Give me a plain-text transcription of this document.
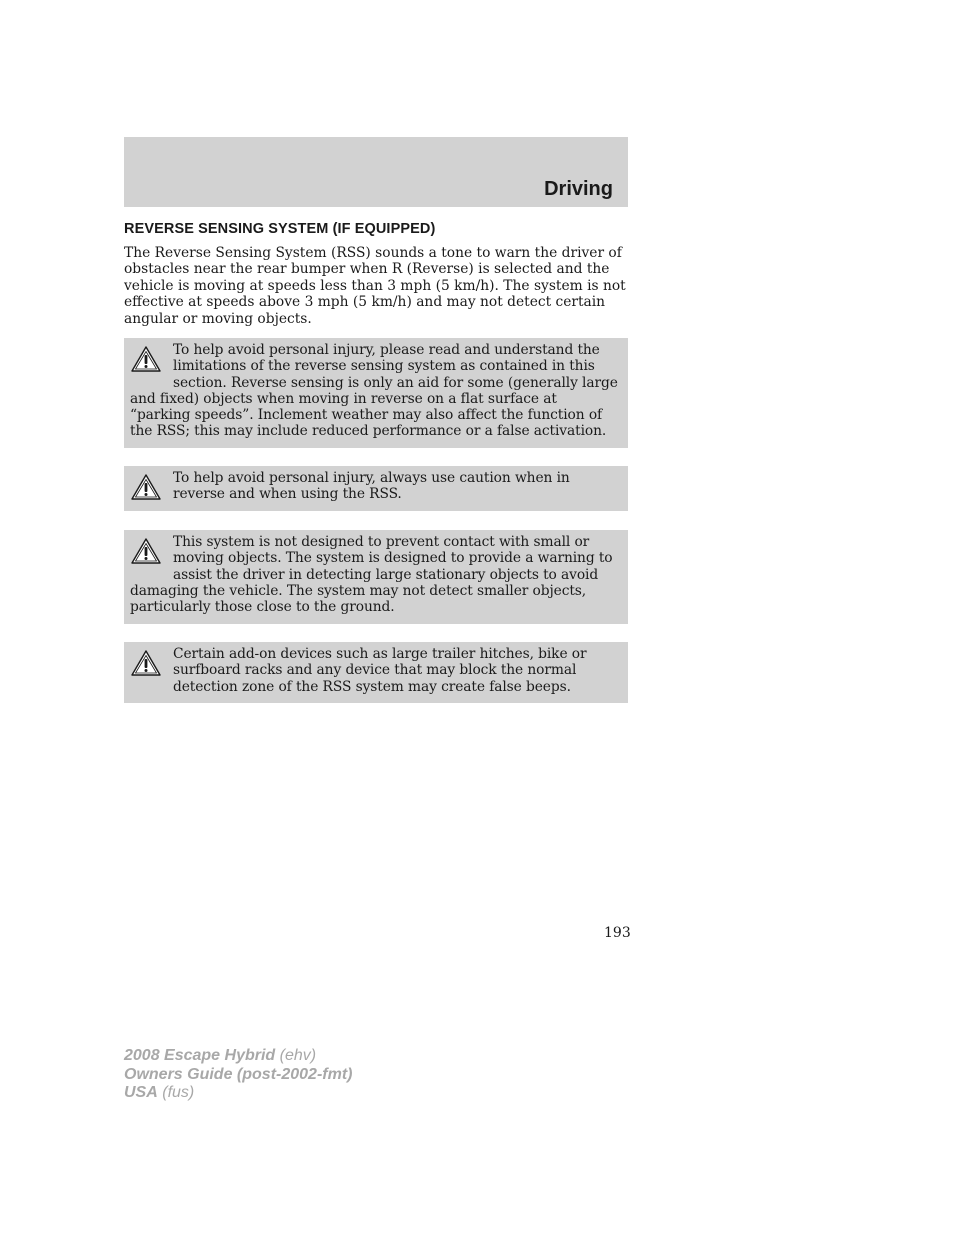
Driving
REVERSE SENSING SYSTEM (IF EQUIPPED)

The Reverse Sensing System (RSS) sounds a tone to warn the driver of obstacles near the rear bumper when R (Reverse) is selected and the vehicle is moving at speeds less than 3 mph (5 km/h). The system is not effective at speeds above 3 mph (5 km/h) and may not detect certain angular or moving objects.

To help avoid personal injury, please read and understand the limitations of the reverse sensing system as contained in this section. Reverse sensing is only an aid for some (generally large and fixed) objects when moving in reverse on a flat surface at “parking speeds”. Inclement weather may also affect the function of the RSS; this may include reduced performance or a false activation.

To help avoid personal injury, always use caution when in reverse and when using the RSS.

This system is not designed to prevent contact with small or moving objects. The system is designed to provide a warning to assist the driver in detecting large stationary objects to avoid damaging the vehicle. The system may not detect smaller objects, particularly those close to the ground.

Certain add-on devices such as large trailer hitches, bike or surfboard racks and any device that may block the normal detection zone of the RSS system may create false beeps.

193
2008 Escape Hybrid (ehv)
Owners Guide (post-2002-fmt)
USA (fus)
